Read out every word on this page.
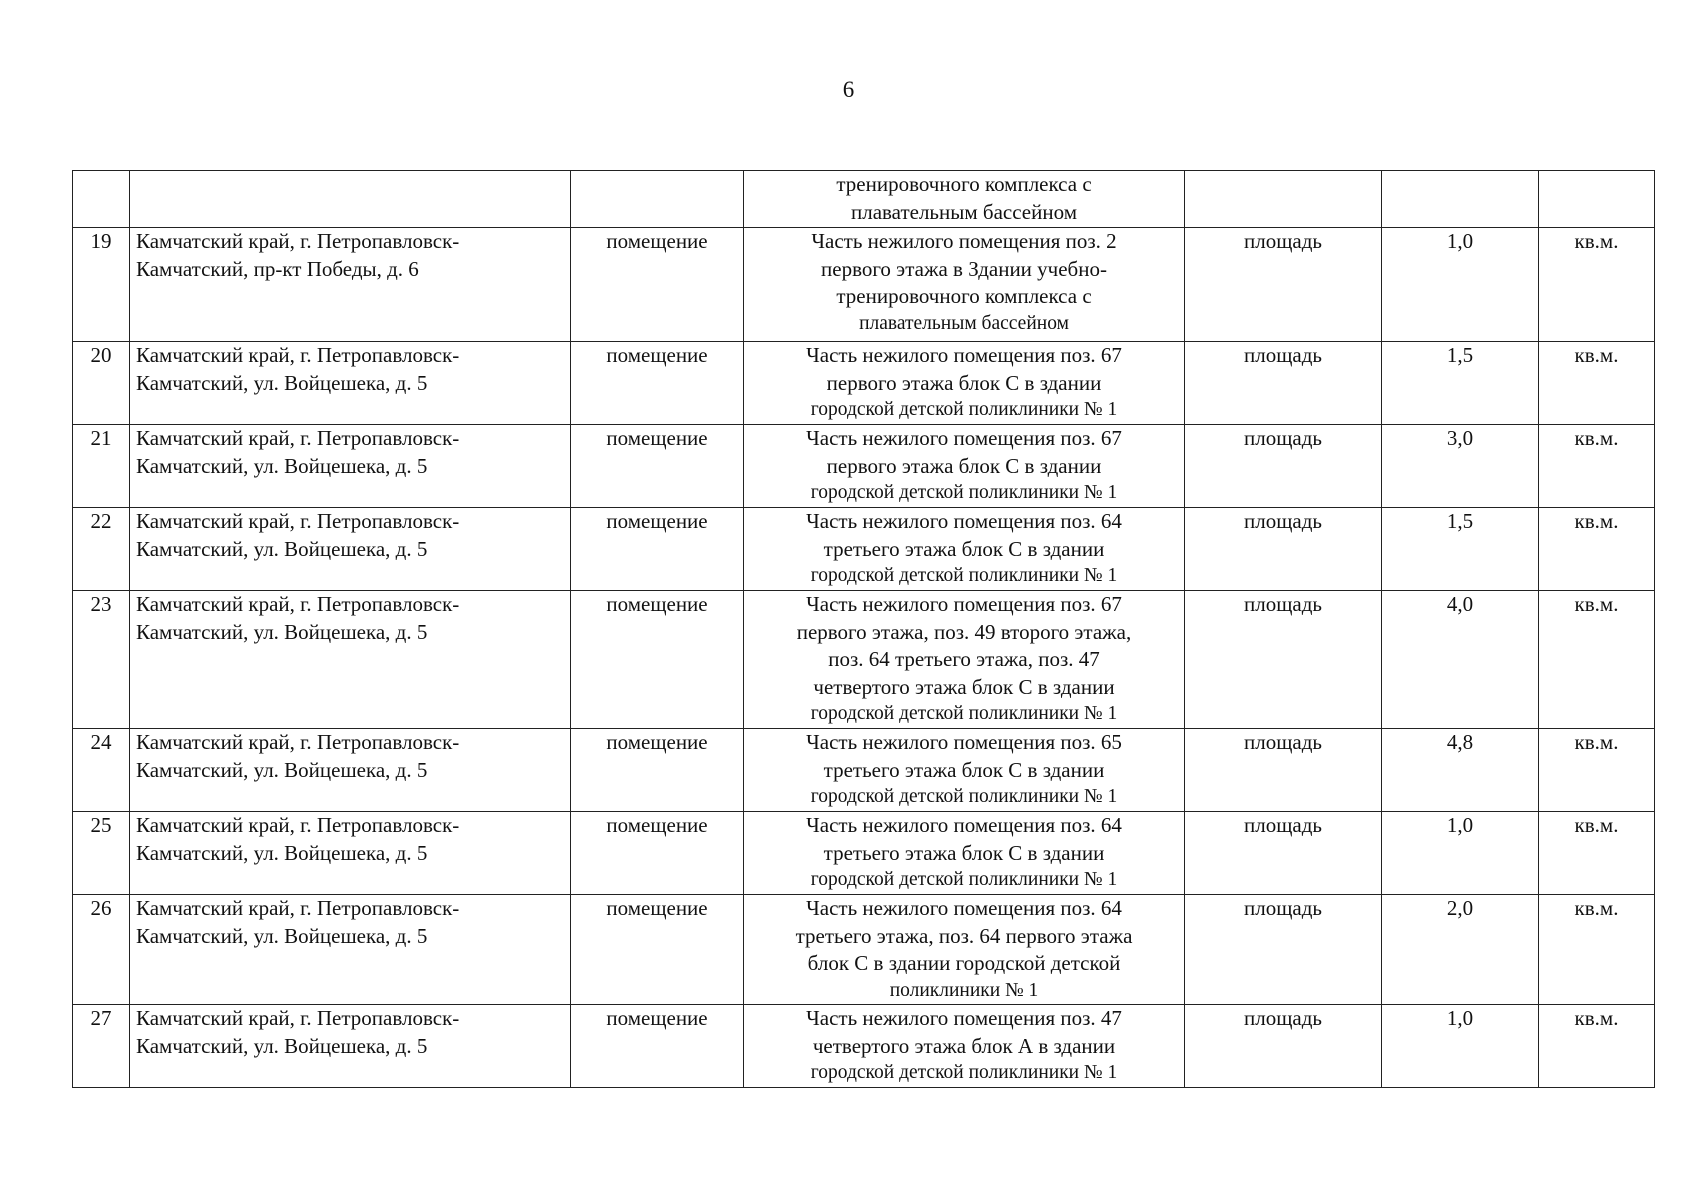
6

			тренировочного комплекса с
плавательным бассейном			

19	Камчатский край, г. Петропавловск-Камчатский, пр-кт Победы, д. 6	помещение	Часть нежилого помещения поз. 2
первого этажа в Здании учебно-
тренировочного комплекса с
плавательным бассейном	площадь	1,0	кв.м.
20	Камчатский край, г. Петропавловск-Камчатский, ул. Войцешека, д. 5	помещение	Часть нежилого помещения поз. 67
первого этажа блок С в здании
городской детской поликлиники № 1	площадь	1,5	кв.м.
21	Камчатский край, г. Петропавловск-Камчатский, ул. Войцешека, д. 5	помещение	Часть нежилого помещения поз. 67
первого этажа блок С в здании
городской детской поликлиники № 1	площадь	3,0	кв.м.
22	Камчатский край, г. Петропавловск-Камчатский, ул. Войцешека, д. 5	помещение	Часть нежилого помещения поз. 64
третьего этажа блок С в здании
городской детской поликлиники № 1	площадь	1,5	кв.м.
23	Камчатский край, г. Петропавловск-Камчатский, ул. Войцешека, д. 5	помещение	Часть нежилого помещения поз. 67
первого этажа, поз. 49 второго этажа,
поз. 64 третьего этажа, поз. 47
четвертого этажа блок С в здании
городской детской поликлиники № 1	площадь	4,0	кв.м.
24	Камчатский край, г. Петропавловск-Камчатский, ул. Войцешека, д. 5	помещение	Часть нежилого помещения поз. 65
третьего этажа блок С в здании
городской детской поликлиники № 1	площадь	4,8	кв.м.
25	Камчатский край, г. Петропавловск-Камчатский, ул. Войцешека, д. 5	помещение	Часть нежилого помещения поз. 64
третьего этажа блок С в здании
городской детской поликлиники № 1	площадь	1,0	кв.м.
26	Камчатский край, г. Петропавловск-Камчатский, ул. Войцешека, д. 5	помещение	Часть нежилого помещения поз. 64
третьего этажа, поз. 64 первого этажа
блок С в здании городской детской
поликлиники № 1	площадь	2,0	кв.м.
27	Камчатский край, г. Петропавловск-Камчатский, ул. Войцешека, д. 5	помещение	Часть нежилого помещения поз. 47
четвертого этажа блок А в здании
городской детской поликлиники № 1	площадь	1,0	кв.м.
